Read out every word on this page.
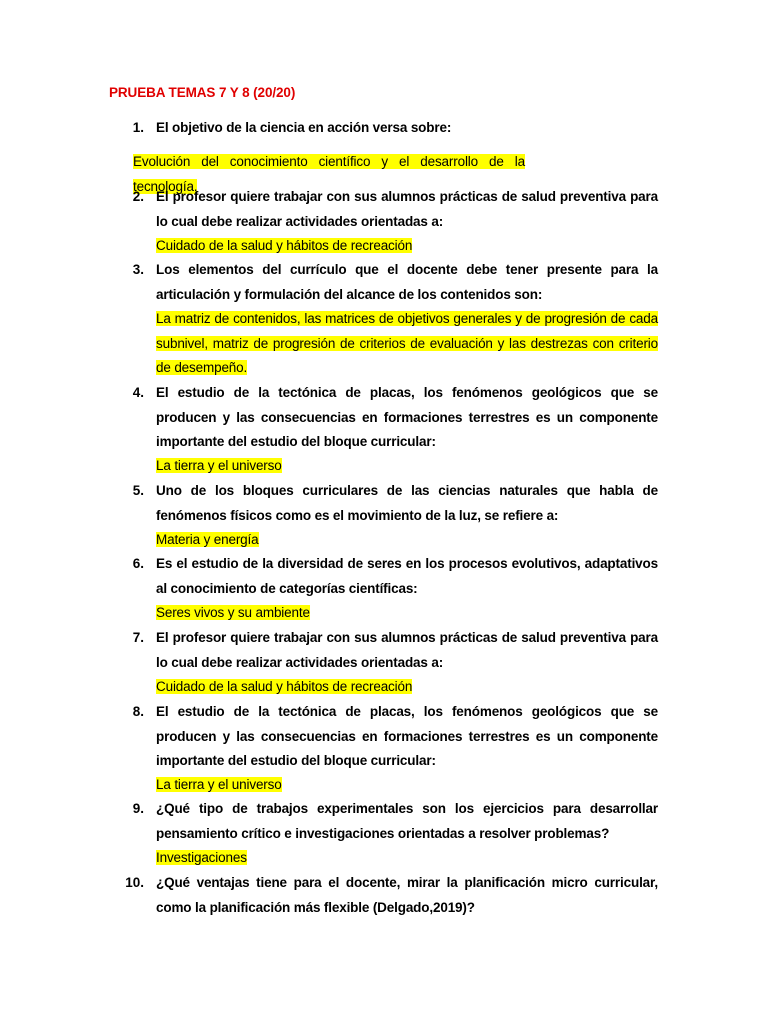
PRUEBA TEMAS 7 Y 8 (20/20)
1. El objetivo de la ciencia en acción versa sobre:
Evolución del conocimiento científico y el desarrollo de la tecnología.
2. El profesor quiere trabajar con sus alumnos prácticas de salud preventiva para lo cual debe realizar actividades orientadas a:
Cuidado de la salud y hábitos de recreación
3. Los elementos del currículo que el docente debe tener presente para la articulación y formulación del alcance de los contenidos son:
La matriz de contenidos, las matrices de objetivos generales y de progresión de cada subnivel, matriz de progresión de criterios de evaluación y las destrezas con criterio de desempeño.
4. El estudio de la tectónica de placas, los fenómenos geológicos que se producen y las consecuencias en formaciones terrestres es un componente importante del estudio del bloque curricular:
La tierra y el universo
5. Uno de los bloques curriculares de las ciencias naturales que habla de fenómenos físicos como es el movimiento de la luz, se refiere a:
Materia y energía
6. Es el estudio de la diversidad de seres en los procesos evolutivos, adaptativos al conocimiento de categorías científicas:
Seres vivos y su ambiente
7. El profesor quiere trabajar con sus alumnos prácticas de salud preventiva para lo cual debe realizar actividades orientadas a:
Cuidado de la salud y hábitos de recreación
8. El estudio de la tectónica de placas, los fenómenos geológicos que se producen y las consecuencias en formaciones terrestres es un componente importante del estudio del bloque curricular:
La tierra y el universo
9. ¿Qué tipo de trabajos experimentales son los ejercicios para desarrollar pensamiento crítico e investigaciones orientadas a resolver problemas?
Investigaciones
10. ¿Qué ventajas tiene para el docente, mirar la planificación micro curricular, como la planificación más flexible (Delgado,2019)?
